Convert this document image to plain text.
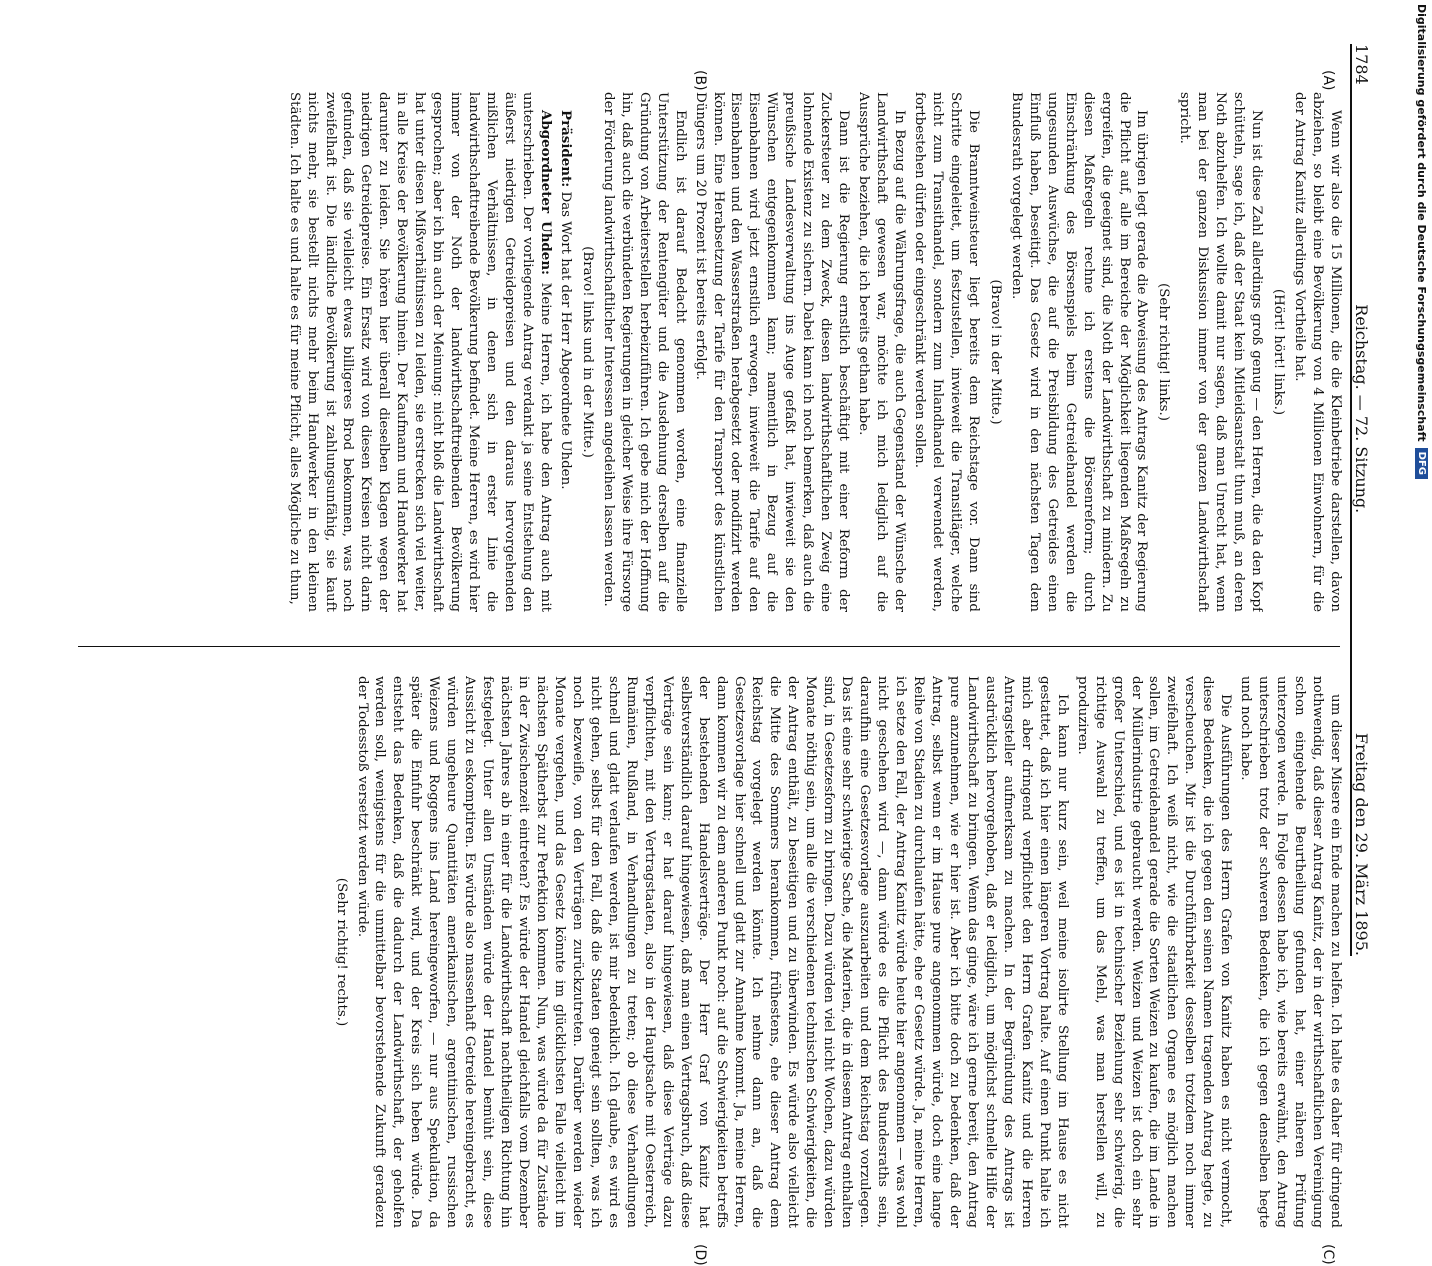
1784
Reichstag. — 72. Sitzung.
Freitag den 29. März 1895.
(A)
(B)
(C)
(D)

Wenn wir also die 15 Millionen, die die Kleinbetriebe darstellen, davon abziehen, so bleibt eine Bevölkerung von 4 Millionen Einwohnern, für die der Antrag Kanitz allerdings Vortheile hat.

(Hört! hört! links.)

Nun ist diese Zahl allerdings groß genug — den Herren, die da den Kopf schütteln, sage ich, daß der Staat kein Mitleidsanstalt thun muß, an deren Noth abzuhelfen. Ich wollte damit nur sagen, daß man Unrecht hat, wenn man bei der ganzen Diskussion immer von der ganzen Landwirthschaft spricht.

(Sehr richtig! links.)

Im übrigen legt gerade die Abweisung des Antrags Kanitz der Regierung die Pflicht auf, alle im Bereiche der Möglichkeit liegenden Maßregeln zu ergreifen, die geeignet sind, die Noth der Landwirthschaft zu mindern. Zu diesen Maßregeln rechne ich erstens die Börsenreform; durch Einschränkung des Börsenspiels beim Getreidehandel werden die ungesunden Auswüchse, die auf die Preisbildung des Getreides einen Einfluß haben, beseitigt. Das Gesetz wird in den nächsten Tagen dem Bundesrath vorgelegt werden.

(Bravo! in der Mitte.)

Die Branntweinsteuer liegt bereits dem Reichstage vor. Dann sind Schritte eingeleitet, um festzustellen, inwieweit die Transitläger, welche nicht zum Transithandel, sondern zum Inlandhandel verwendet werden, fortbestehen dürfen oder eingeschränkt werden sollen.

In Bezug auf die Währungsfrage, die auch Gegenstand der Wünsche der Landwirthschaft gewesen war, möchte ich mich lediglich auf die Aussprüche beziehen, die ich bereits gethan habe.

Dann ist die Regierung ernstlich beschäftigt mit einer Reform der Zuckersteuer zu dem Zweck, diesen landwirthschaftlichen Zweig eine lohnende Existenz zu sichern. Dabei kann ich noch bemerken, daß auch die preußische Landesverwaltung ins Auge gefaßt hat, inwieweit sie den Wünschen entgegenkommen kann; namentlich in Bezug auf die Eisenbahnen wird jetzt ernstlich erwogen, inwieweit die Tarife auf den Eisenbahnen und den Wasserstraßen herabgesetzt oder modifizirt werden können. Eine Herabsetzung der Tarife für den Transport des künstlichen Düngers um 20 Prozent ist bereits erfolgt.

Endlich ist darauf Bedacht genommen worden, eine finanzielle Unterstützung der Rentengüter und die Ausdehnung derselben auf die Gründung von Arbeiterstellen herbeizuführen. Ich gebe mich der Hoffnung hin, daß auch die verbündeten Regierungen in gleicher Weise ihre Fürsorge der Förderung landwirthschaftlicher Interessen angedeihen lassen werden.

(Bravo! links und in der Mitte.)

Präsident: Das Wort hat der Herr Abgeordnete Uhden.

Abgeordneter Uhden: Meine Herren, ich habe den Antrag auch mit unterschrieben. Der vorliegende Antrag verdankt ja seine Entstehung den äußerst niedrigen Getreidepreisen und den daraus hervorgehenden mißlichen Verhältnissen, in denen sich in erster Linie die landwirthschafttreibende Bevölkerung befindet. Meine Herren, es wird hier immer von der Noth der landwirthschafttreibenden Bevölkerung gesprochen; aber ich bin auch der Meinung: nicht bloß die Landwirthschaft hat unter diesen Mißverhältnissen zu leiden, sie erstrecken sich viel weiter, in alle Kreise der Bevölkerung hinein. Der Kaufmann und Handwerker hat darunter zu leiden. Sie hören hier überall dieselben Klagen wegen der niedrigen Getreidepreise. Ein Ersatz wird von diesen Kreisen nicht darin gefunden, daß sie vielleicht etwas billigeres Brod bekommen, was noch zweifelhaft ist. Die ländliche Bevölkerung ist zahlungsunfähig, sie kauft nichts mehr, sie bestellt nichts mehr beim Handwerker in den kleinen Städten. Ich halte es und halte es für meine Pflicht, alles Mögliche zu thun,

um dieser Misere ein Ende machen zu helfen. Ich halte es daher für dringend nothwendig, daß dieser Antrag Kanitz, der in der wirthschaftlichen Vereinigung schon eingehende Beurtheilung gefunden hat, einer näheren Prüfung unterzogen werde. In Folge dessen habe ich, wie bereits erwähnt, den Antrag unterschrieben trotz der schweren Bedenken, die ich gegen denselben hegte und noch habe.

Die Ausführungen des Herrn Grafen von Kanitz haben es nicht vermocht, diese Bedenken, die ich gegen den seinen Namen tragenden Antrag hegte, zu verscheuchen. Mir ist die Durchführbarkeit desselben trotzdem noch immer zweifelhaft. Ich weiß nicht, wie die staatlichen Organe es möglich machen sollen, im Getreidehandel gerade die Sorten Weizen zu kaufen, die im Lande in der Müllerindustrie gebraucht werden. Weizen und Weizen ist doch ein sehr großer Unterschied, und es ist in technischer Beziehung sehr schwierig, die richtige Auswahl zu treffen, um das Mehl, was man herstellen will, zu produziren.

Ich kann nur kurz sein, weil meine isolirte Stellung im Hause es nicht gestattet, daß ich hier einen längeren Vortrag halte. Auf einen Punkt halte ich mich aber dringend verpflichtet den Herrn Grafen Kanitz und die Herren Antragsteller aufmerksam zu machen. In der Begründung des Antrags ist ausdrücklich hervorgehoben, daß er lediglich, um möglichst schnelle Hilfe der Landwirthschaft zu bringen. Wenn das ginge, wäre ich gerne bereit, den Antrag pure anzunehmen, wie er hier ist. Aber ich bitte doch zu bedenken, daß der Antrag, selbst wenn er im Hause pure angenommen würde, doch eine lange Reihe von Stadien zu durchlaufen hätte, ehe er Gesetz würde. Ja, meine Herren, ich setze den Fall, der Antrag Kanitz würde heute hier angenommen — was wohl nicht geschehen wird —, dann würde es die Pflicht des Bundesraths sein, daraufhin eine Gesetzesvorlage auszuarbeiten und dem Reichstag vorzulegen. Das ist eine sehr schwierige Sache, die Materien, die in diesem Antrag enthalten sind, in Gesetzesform zu bringen. Dazu würden viel nicht Wochen, dazu würden Monate nöthig sein, um alle die verschiedenen technischen Schwierigkeiten, die der Antrag enthält, zu beseitigen und zu überwinden. Es würde also vielleicht die Mitte des Sommers herankommen, frühestens, ehe dieser Antrag dem Reichstag vorgelegt werden könnte. Ich nehme dann an, daß die Gesetzesvorlage hier schnell und glatt zur Annahme kommt. Ja, meine Herren, dann kommen wir zu dem anderen Punkt noch: auf die Schwierigkeiten betreffs der bestehenden Handelsverträge. Der Herr Graf von Kanitz hat selbstverständlich darauf hingewiesen, daß man einen Vertragsbruch, daß diese Verträge sein kann; er hat darauf hingewiesen, daß diese Verträge dazu verpflichten, mit den Vertragstaaten, also in der Hauptsache mit Oesterreich, Rumänien, Rußland, in Verhandlungen zu treten; ob diese Verhandlungen schnell und glatt verlaufen werden, ist mir bedenklich. Ich glaube, es wird es nicht gehen, selbst für den Fall, daß die Staaten geneigt sein sollten, was ich noch bezweifle, von den Verträgen zurückzutreten. Darüber werden wieder Monate vergehen, und das Gesetz könnte im glücklichsten Falle vielleicht im nächsten Spätherbst zur Perfektion kommen. Nun, was würde da für Zustände in der Zwischenzeit eintreten? Es würde der Handel gleichfalls vom Dezember nächsten Jahres ab in einer für die Landwirthschaft nachtheiligen Richtung hin festgelegt. Unter allen Umständen würde der Handel bemüht sein, diese Aussicht zu eskomptiren. Es würde also massenhaft Getreide hereingebracht, es würden ungeheure Quantitäten amerikanischen, argentinischen, russischen Weizens und Roggens ins Land hereingeworfen, — nur aus Spekulation, da später die Einfuhr beschränkt wird, und der Kreis sich heben würde. Da entsteht das Bedenken, daß die dadurch der Landwirthschaft, der geholfen werden soll, wenigstens für die unmittelbar bevorstehende Zukunft geradezu der Todesstoß versetzt werden würde.

(Sehr richtig! rechts.)

Digitalisierung gefördert durch die Deutsche Forschungsgemeinschaft
DFG
